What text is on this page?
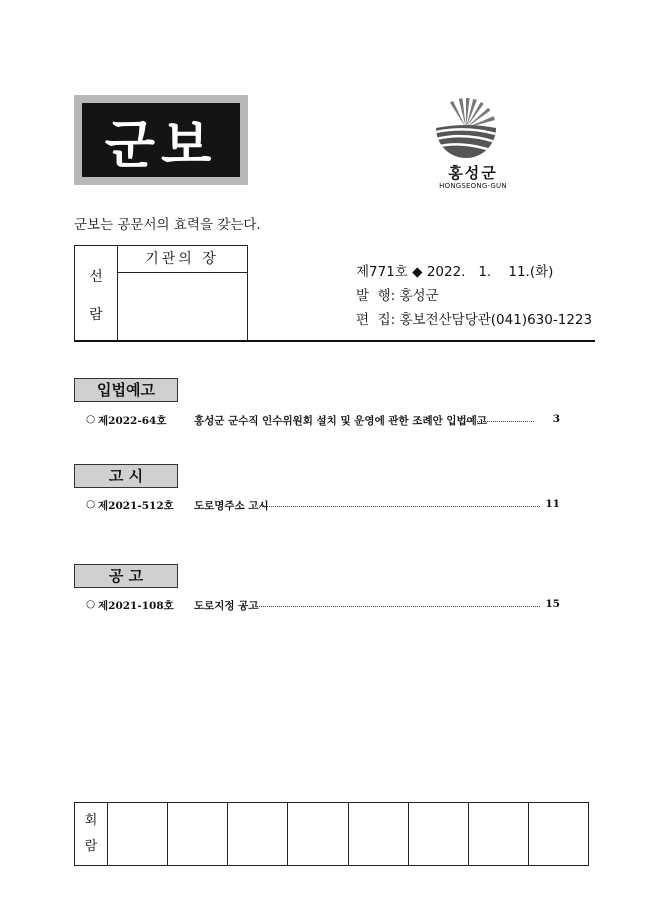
군보	홍성군
HONGSEONG-GUN
군보는 공문서의 효력을 갖는다.
선
람
기관의 장
제771호 ◆ 2022.   1.    11.(화)
발  행: 홍성군
편  집: 홍보전산담당관(041)630-1223
입법예고
○ 제2022-64호	홍성군 군수직 인수위원회 설치 및 운영에 관한 조례안 입법예고	3
고 시
○ 제2021-512호 도로명주소 고시	11
공 고
○ 제2021-108호 도로지정 공고	15
회
람
